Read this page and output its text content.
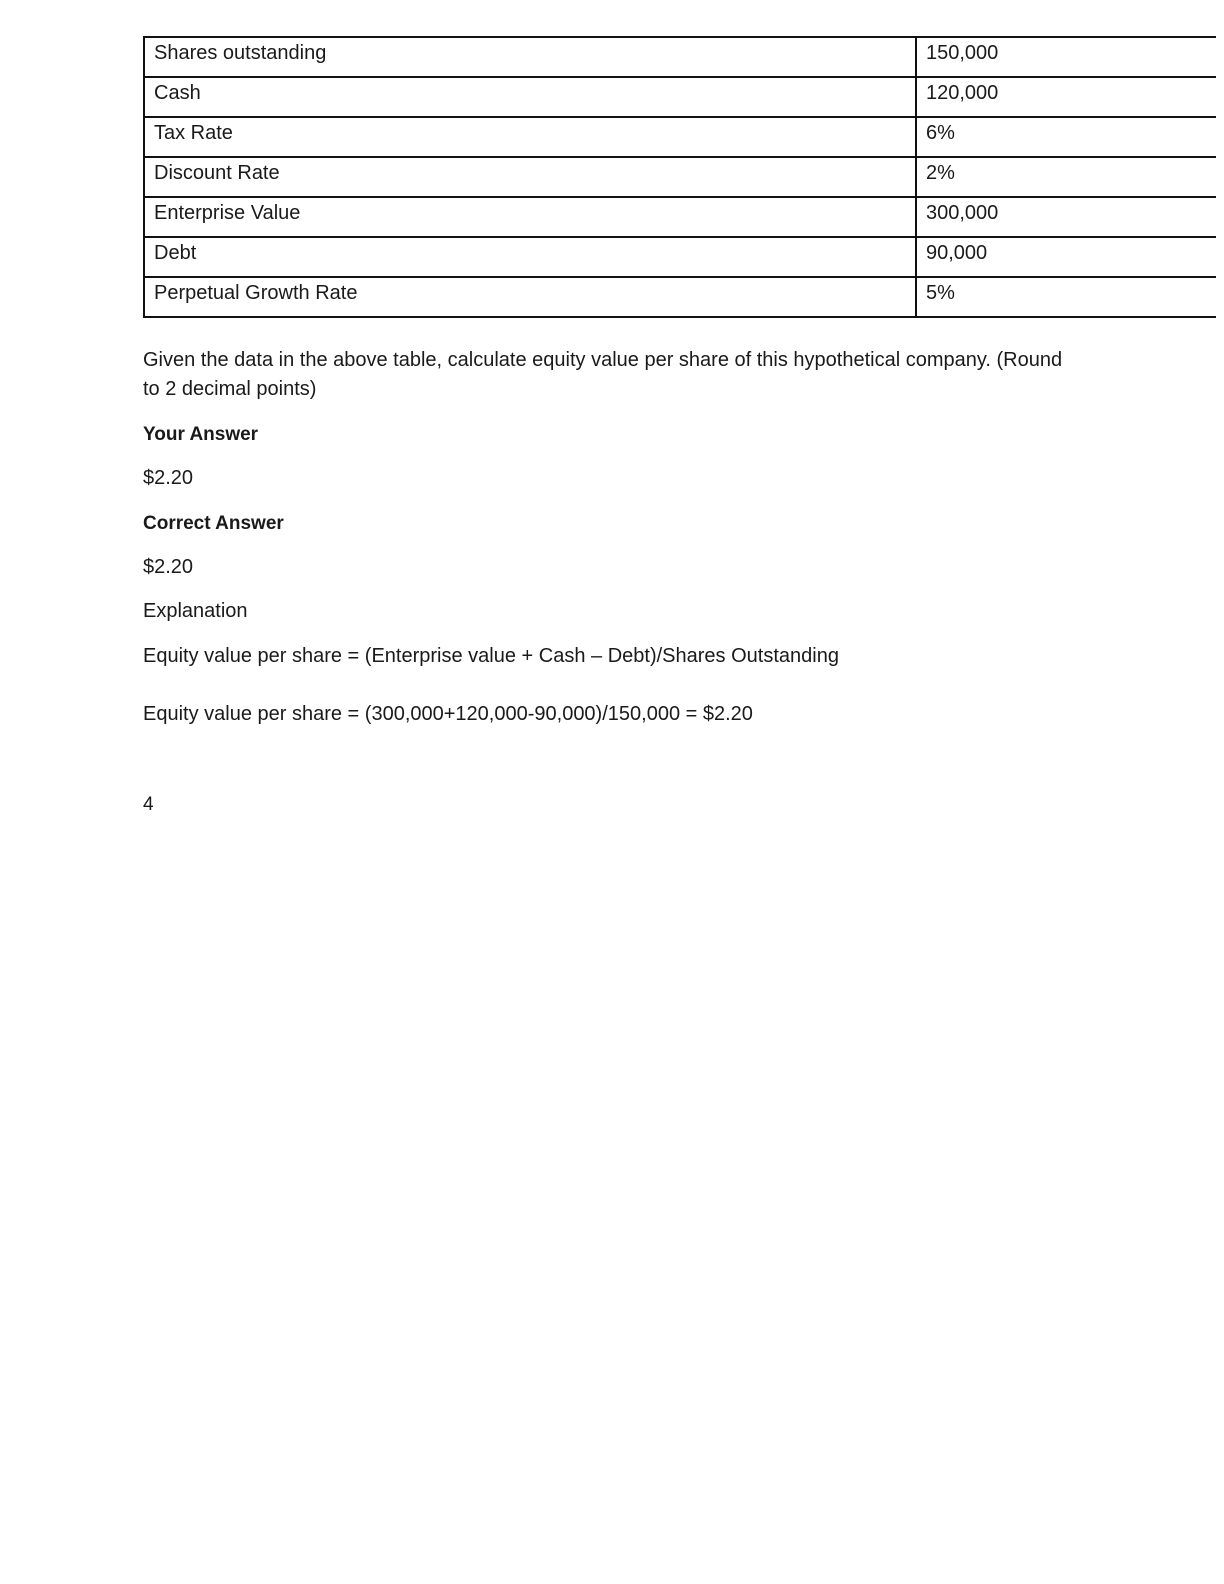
Shares outstanding	150,000
Cash	120,000
Tax Rate	6%
Discount Rate	2%
Enterprise Value	300,000
Debt	90,000
Perpetual Growth Rate	5%
Given the data in the above table, calculate equity value per share of this hypothetical company. (Round to 2 decimal points)
Your Answer
$2.20
Correct Answer
$2.20
Explanation
Equity value per share = (Enterprise value + Cash – Debt)/Shares Outstanding
Equity value per share = (300,000+120,000-90,000)/150,000 = $2.20
4
